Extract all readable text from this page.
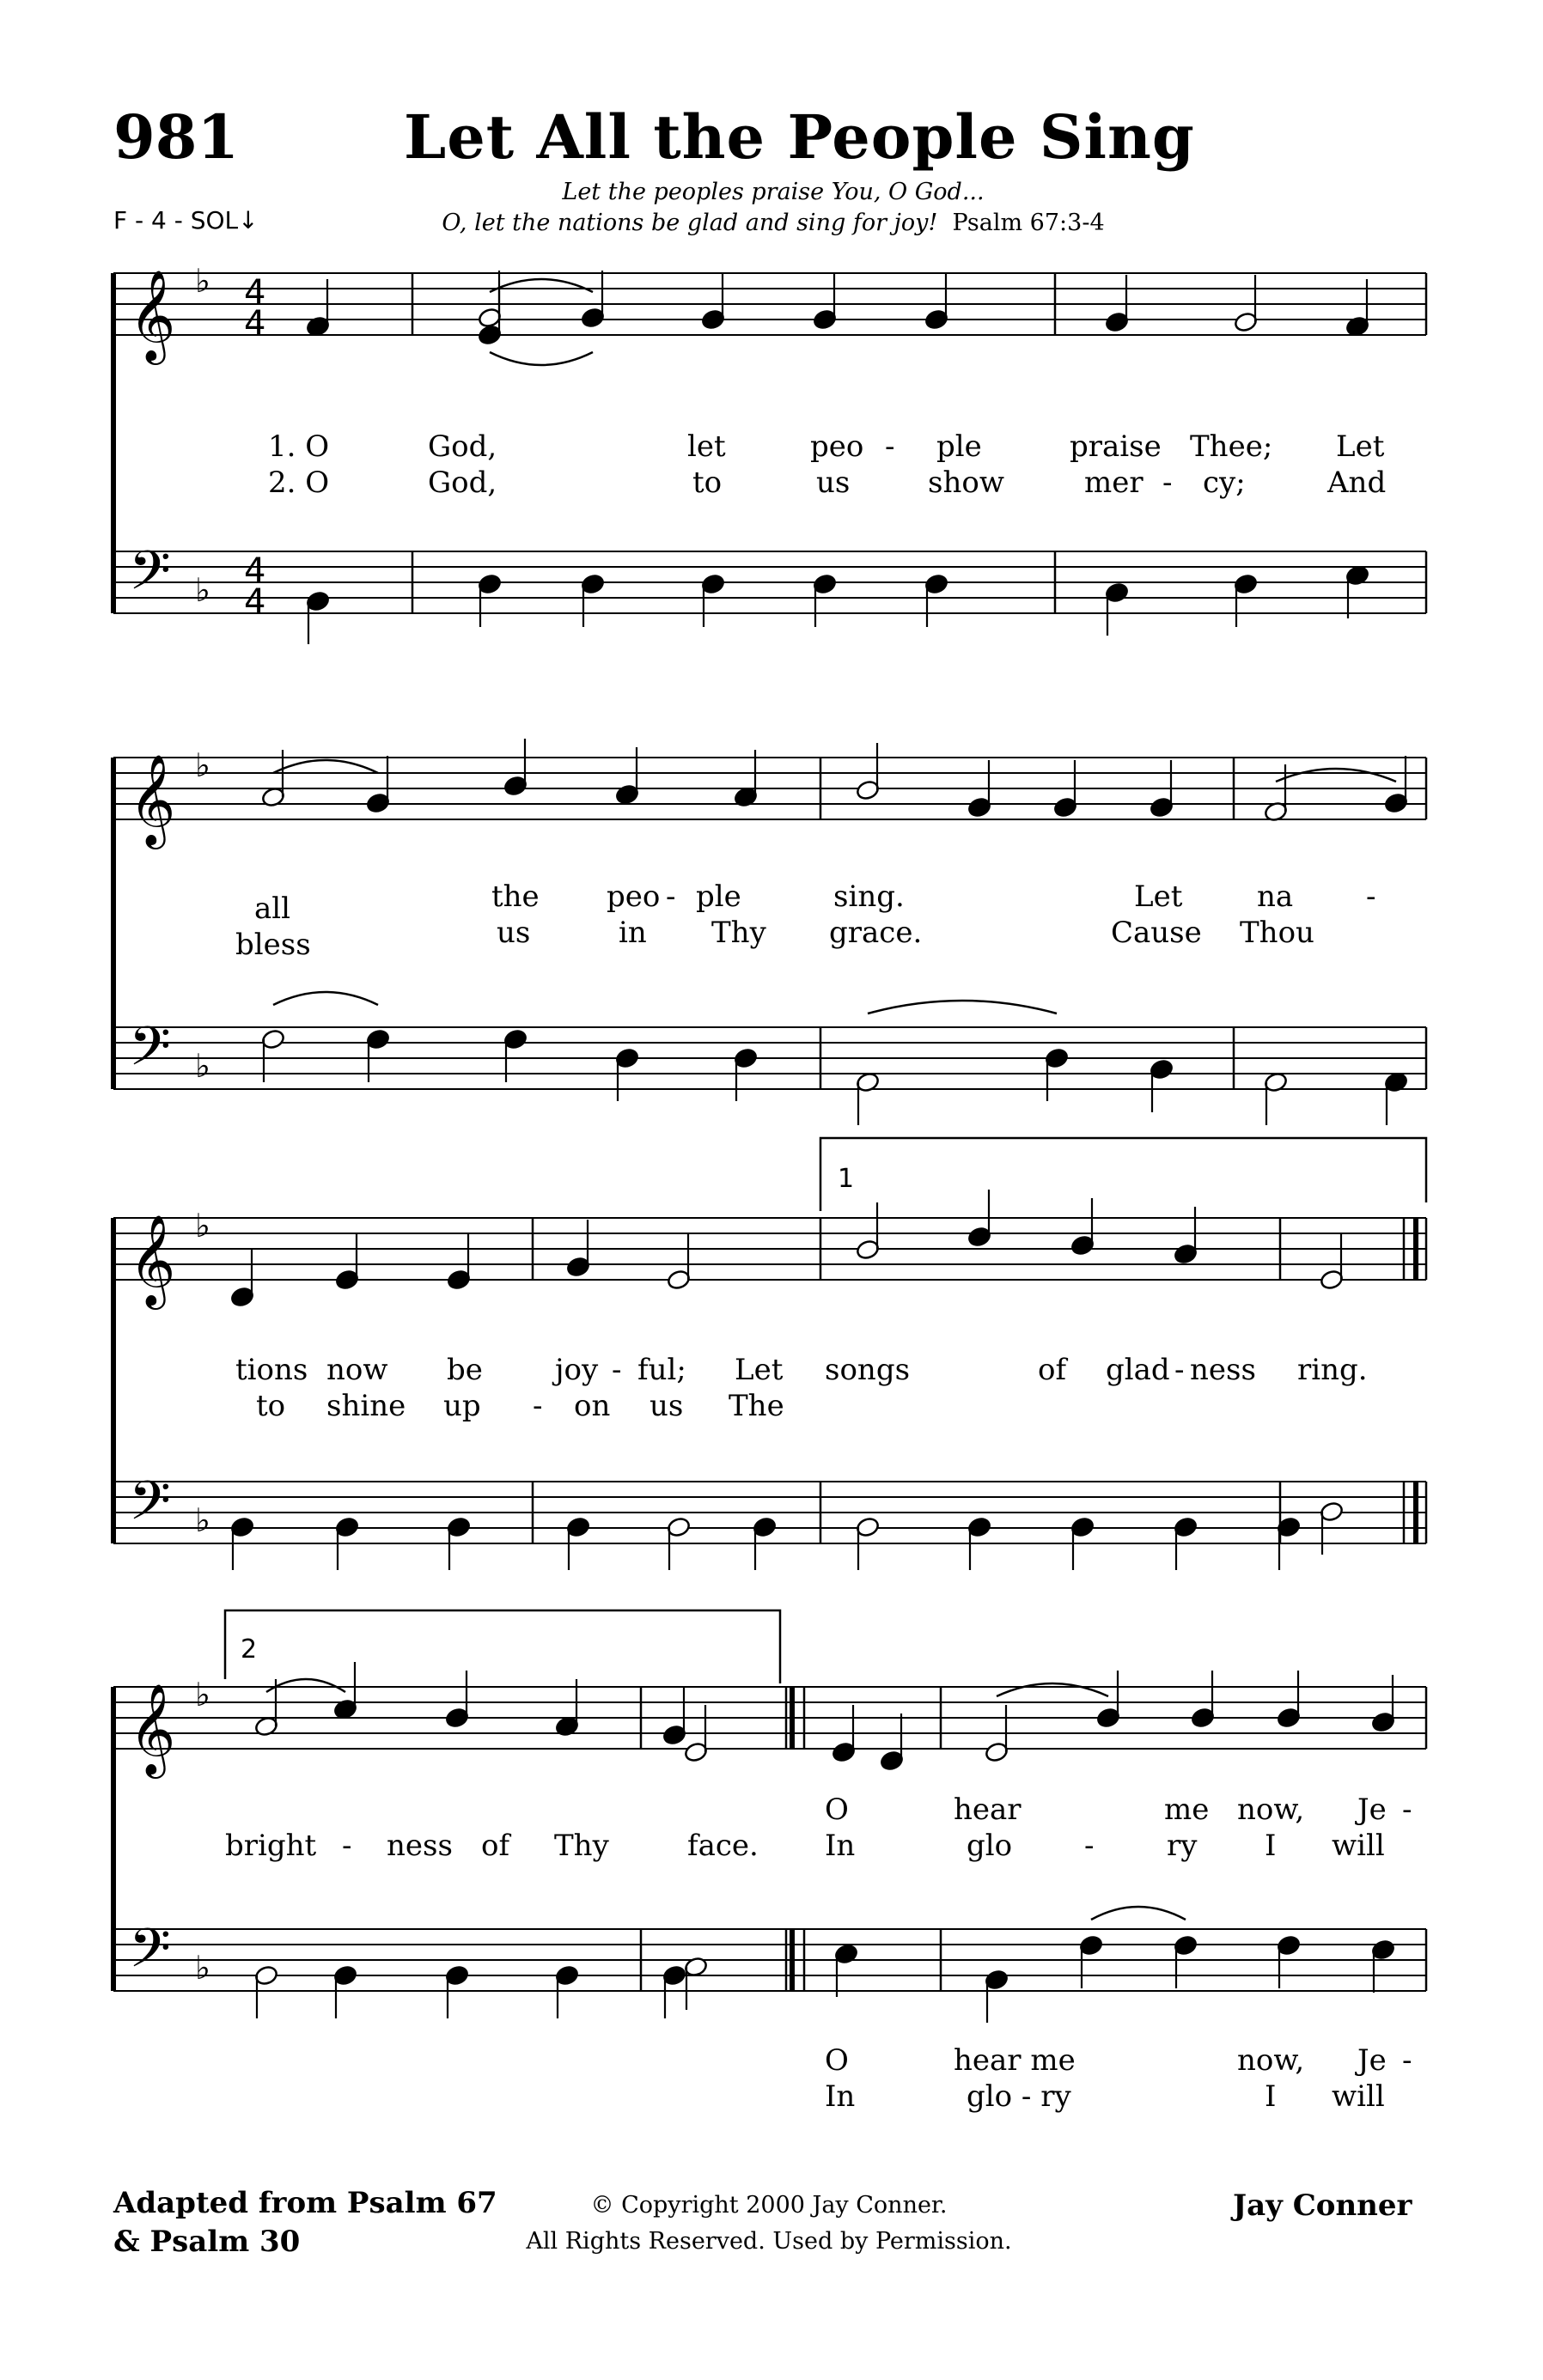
981	Let All the People Sing
F - 4 - SOL↓
Let the peoples praise You, O God...
O, let the nations be glad and sing for joy! Psalm 67:3-4
𝄞
𝄢
♭
♭
4
4
4
4
𝄞
𝄢
♭
♭
𝄞
𝄢
♭
♭
1
𝄞
𝄢
♭
♭
2
1. O	God,	let	peo - ple	praise Thee; Let
2. O	God,	to	us	show	mer - cy;	And
all	the peo - ple	sing.	Let	na -
bless	us	in Thy grace.	Cause Thou
tions now be joy - ful; Let songs	of glad - ness ring.
to shine up - on us The
O	hear	me now, Je -
bright - ness of Thy	face. In	glo - ry I will
O	hear me	now, Je -
In	glo - ry	I will
Adapted from Psalm 67
& Psalm 30
© Copyright 2000 Jay Conner.
All Rights Reserved. Used by Permission.
Jay Conner
